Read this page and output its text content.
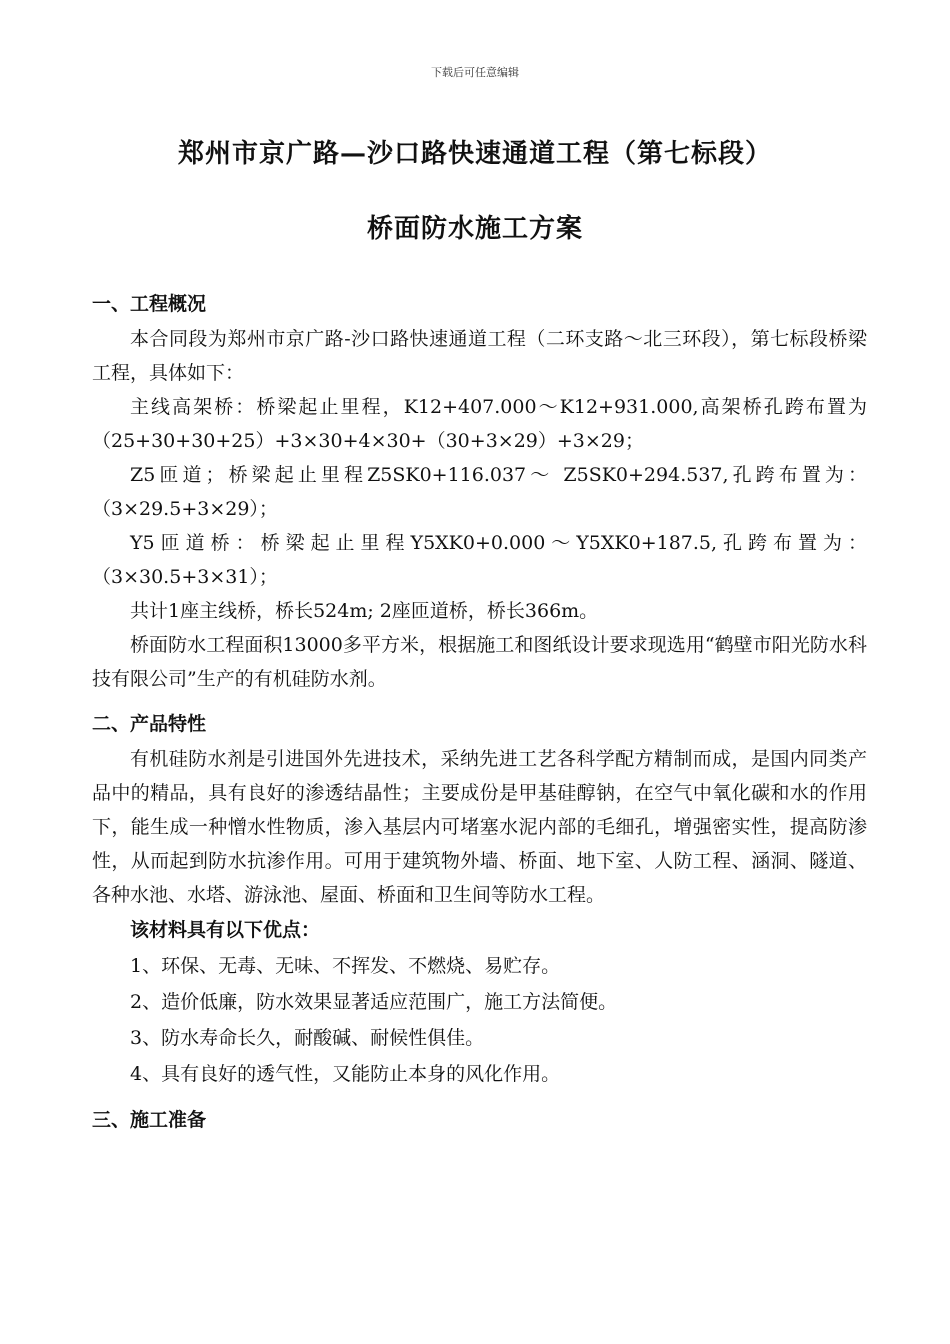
下载后可任意编辑
郑州市京广路—沙口路快速通道工程（第七标段）
桥面防水施工方案
一、工程概况
本合同段为郑州市京广路-沙口路快速通道工程（二环支路～北三环段），第七标段桥梁工程，具体如下：
主线高架桥：桥梁起止里程，K12+407.000～K12+931.000,高架桥孔跨布置为（25+30+30+25）+3×30+4×30+（30+3×29）+3×29；
Z5匝道；桥梁起止里程Z5SK0+116.037～ Z5SK0+294.537,孔跨布置为：（3×29.5+3×29）；
Y5匝道桥：桥梁起止里程Y5XK0+0.000～Y5XK0+187.5,孔跨布置为：（3×30.5+3×31）；
共计1座主线桥，桥长524m; 2座匝道桥，桥长366m。
桥面防水工程面积13000多平方米，根据施工和图纸设计要求现选用“鹤壁市阳光防水科技有限公司”生产的有机硅防水剂。
二、产品特性
有机硅防水剂是引进国外先进技术，采纳先进工艺各科学配方精制而成，是国内同类产品中的精品，具有良好的渗透结晶性；主要成份是甲基硅醇钠，在空气中氧化碳和水的作用下，能生成一种憎水性物质，渗入基层内可堵塞水泥内部的毛细孔，增强密实性，提高防渗性，从而起到防水抗渗作用。可用于建筑物外墙、桥面、地下室、人防工程、涵洞、隧道、各种水池、水塔、游泳池、屋面、桥面和卫生间等防水工程。
该材料具有以下优点：
1、环保、无毒、无味、不挥发、不燃烧、易贮存。
2、造价低廉，防水效果显著适应范围广，施工方法简便。
3、防水寿命长久，耐酸碱、耐候性俱佳。
4、具有良好的透气性，又能防止本身的风化作用。
三、施工准备
